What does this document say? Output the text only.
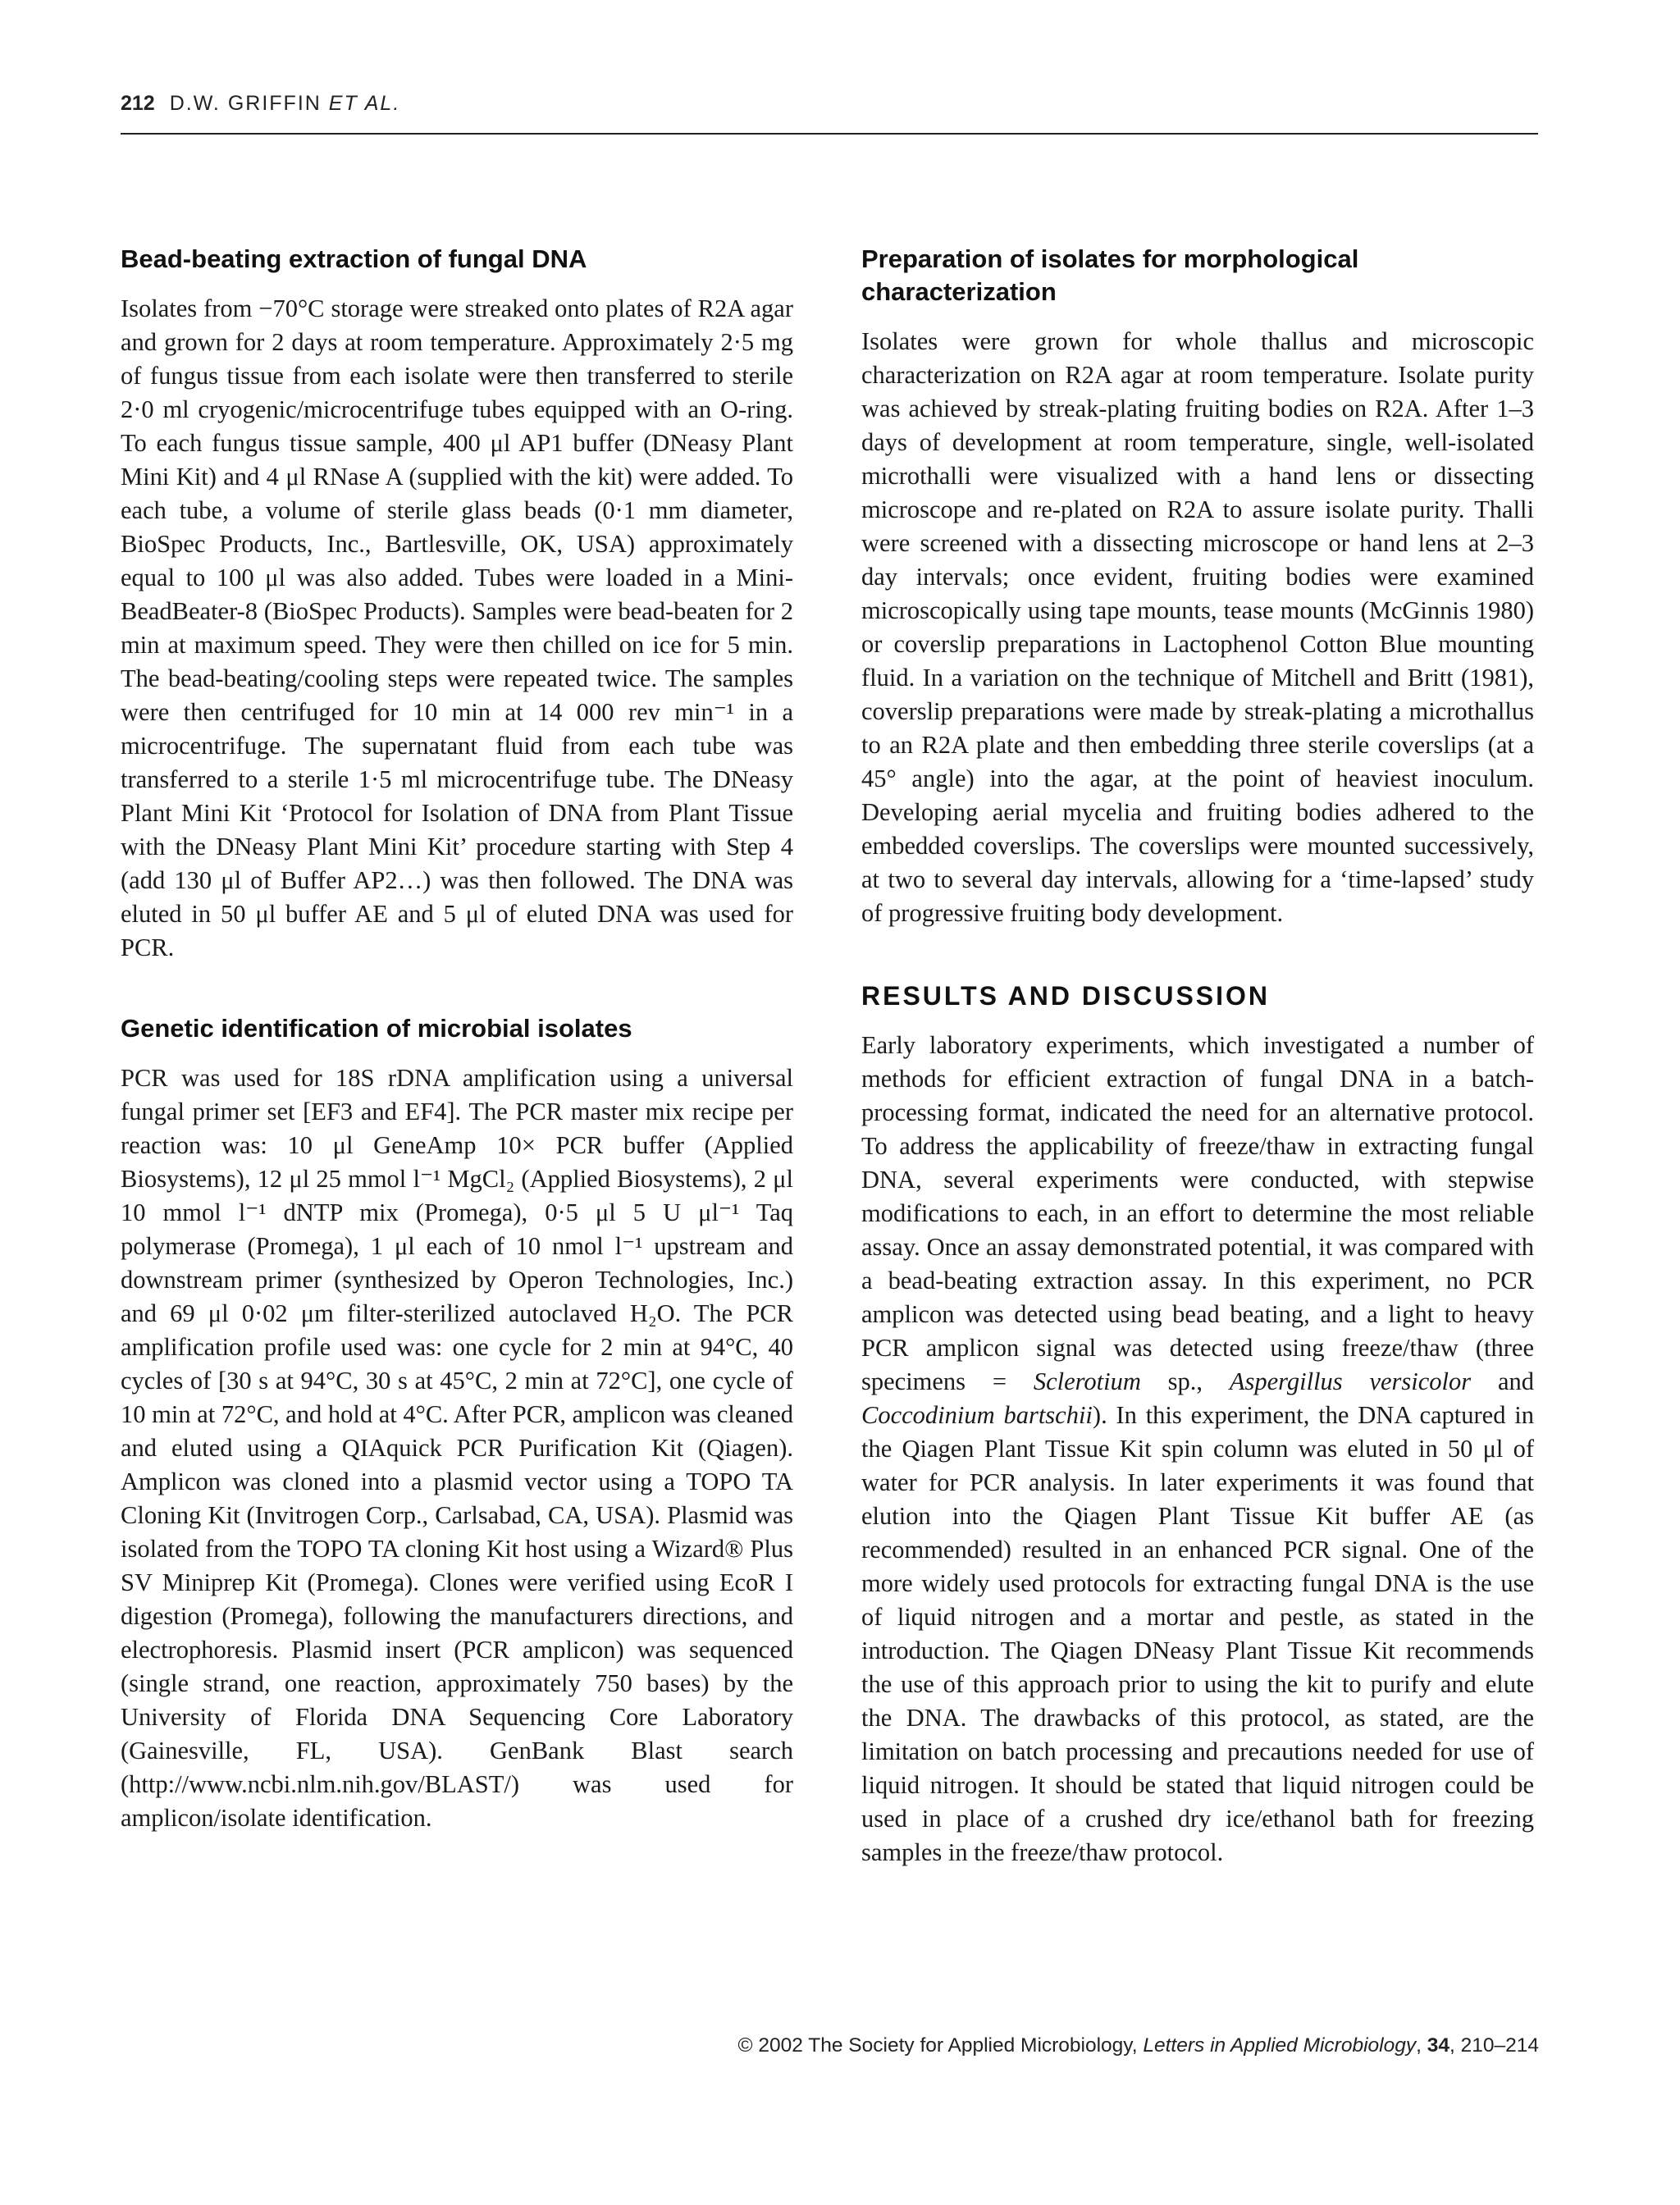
212 D.W. GRIFFIN ET AL.
Bead-beating extraction of fungal DNA

Isolates from −70°C storage were streaked onto plates of R2A agar and grown for 2 days at room temperature. Approximately 2·5 mg of fungus tissue from each isolate were then transferred to sterile 2·0 ml cryogenic/microcentrifuge tubes equipped with an O-ring. To each fungus tissue sample, 400 μl AP1 buffer (DNeasy Plant Mini Kit) and 4 μl RNase A (supplied with the kit) were added. To each tube, a volume of sterile glass beads (0·1 mm diameter, BioSpec Products, Inc., Bartlesville, OK, USA) approximately equal to 100 μl was also added. Tubes were loaded in a Mini-BeadBeater-8 (BioSpec Products). Samples were bead-beaten for 2 min at maximum speed. They were then chilled on ice for 5 min. The bead-beating/cooling steps were repeated twice. The samples were then centrifuged for 10 min at 14 000 rev min⁻¹ in a microcentrifuge. The supernatant fluid from each tube was transferred to a sterile 1·5 ml microcentrifuge tube. The DNeasy Plant Mini Kit ‘Protocol for Isolation of DNA from Plant Tissue with the DNeasy Plant Mini Kit’ procedure starting with Step 4 (add 130 μl of Buffer AP2…) was then followed. The DNA was eluted in 50 μl buffer AE and 5 μl of eluted DNA was used for PCR.

Genetic identification of microbial isolates

PCR was used for 18S rDNA amplification using a universal fungal primer set [EF3 and EF4]. The PCR master mix recipe per reaction was: 10 μl GeneAmp 10× PCR buffer (Applied Biosystems), 12 μl 25 mmol l⁻¹ MgCl₂ (Applied Biosystems), 2 μl 10 mmol l⁻¹ dNTP mix (Promega), 0·5 μl 5 U μl⁻¹ Taq polymerase (Promega), 1 μl each of 10 nmol l⁻¹ upstream and downstream primer (synthesized by Operon Technologies, Inc.) and 69 μl 0·02 μm filter-sterilized autoclaved H₂O. The PCR amplification profile used was: one cycle for 2 min at 94°C, 40 cycles of [30 s at 94°C, 30 s at 45°C, 2 min at 72°C], one cycle of 10 min at 72°C, and hold at 4°C. After PCR, amplicon was cleaned and eluted using a QIAquick PCR Purification Kit (Qiagen). Amplicon was cloned into a plasmid vector using a TOPO TA Cloning Kit (Invitrogen Corp., Carlsabad, CA, USA). Plasmid was isolated from the TOPO TA cloning Kit host using a Wizard® Plus SV Miniprep Kit (Promega). Clones were verified using EcoR I digestion (Promega), following the manufacturers directions, and electrophoresis. Plasmid insert (PCR amplicon) was sequenced (single strand, one reaction, approximately 750 bases) by the University of Florida DNA Sequencing Core Laboratory (Gainesville, FL, USA). GenBank Blast search (http://www.ncbi.nlm.nih.gov/BLAST/) was used for amplicon/isolate identification.

Preparation of isolates for morphological characterization

Isolates were grown for whole thallus and microscopic characterization on R2A agar at room temperature. Isolate purity was achieved by streak-plating fruiting bodies on R2A. After 1–3 days of development at room temperature, single, well-isolated microthalli were visualized with a hand lens or dissecting microscope and re-plated on R2A to assure isolate purity. Thalli were screened with a dissecting microscope or hand lens at 2–3 day intervals; once evident, fruiting bodies were examined microscopically using tape mounts, tease mounts (McGinnis 1980) or coverslip preparations in Lactophenol Cotton Blue mounting fluid. In a variation on the technique of Mitchell and Britt (1981), coverslip preparations were made by streak-plating a microthallus to an R2A plate and then embedding three sterile coverslips (at a 45° angle) into the agar, at the point of heaviest inoculum. Developing aerial mycelia and fruiting bodies adhered to the embedded coverslips. The coverslips were mounted successively, at two to several day intervals, allowing for a ‘time-lapsed’ study of progressive fruiting body development.

RESULTS AND DISCUSSION

Early laboratory experiments, which investigated a number of methods for efficient extraction of fungal DNA in a batch-processing format, indicated the need for an alternative protocol. To address the applicability of freeze/thaw in extracting fungal DNA, several experiments were conducted, with stepwise modifications to each, in an effort to determine the most reliable assay. Once an assay demonstrated potential, it was compared with a bead-beating extraction assay. In this experiment, no PCR amplicon was detected using bead beating, and a light to heavy PCR amplicon signal was detected using freeze/thaw (three specimens = Sclerotium sp., Aspergillus versicolor and Coccodinium bartschii). In this experiment, the DNA captured in the Qiagen Plant Tissue Kit spin column was eluted in 50 μl of water for PCR analysis. In later experiments it was found that elution into the Qiagen Plant Tissue Kit buffer AE (as recommended) resulted in an enhanced PCR signal. One of the more widely used protocols for extracting fungal DNA is the use of liquid nitrogen and a mortar and pestle, as stated in the introduction. The Qiagen DNeasy Plant Tissue Kit recommends the use of this approach prior to using the kit to purify and elute the DNA. The drawbacks of this protocol, as stated, are the limitation on batch processing and precautions needed for use of liquid nitrogen. It should be stated that liquid nitrogen could be used in place of a crushed dry ice/ethanol bath for freezing samples in the freeze/thaw protocol.

© 2002 The Society for Applied Microbiology, Letters in Applied Microbiology, 34, 210–214
